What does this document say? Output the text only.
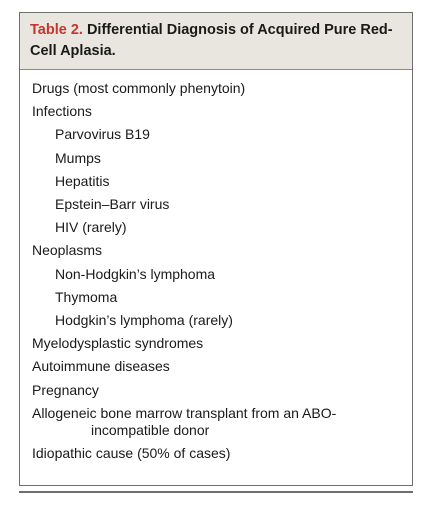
Table 2. Differential Diagnosis of Acquired Pure Red-Cell Aplasia.
Drugs (most commonly phenytoin)
Infections
Parvovirus B19
Mumps
Hepatitis
Epstein–Barr virus
HIV (rarely)
Neoplasms
Non-Hodgkin’s lymphoma
Thymoma
Hodgkin’s lymphoma (rarely)
Myelodysplastic syndromes
Autoimmune diseases
Pregnancy
Allogeneic bone marrow transplant from an ABO-
incompatible donor
Idiopathic cause (50% of cases)
